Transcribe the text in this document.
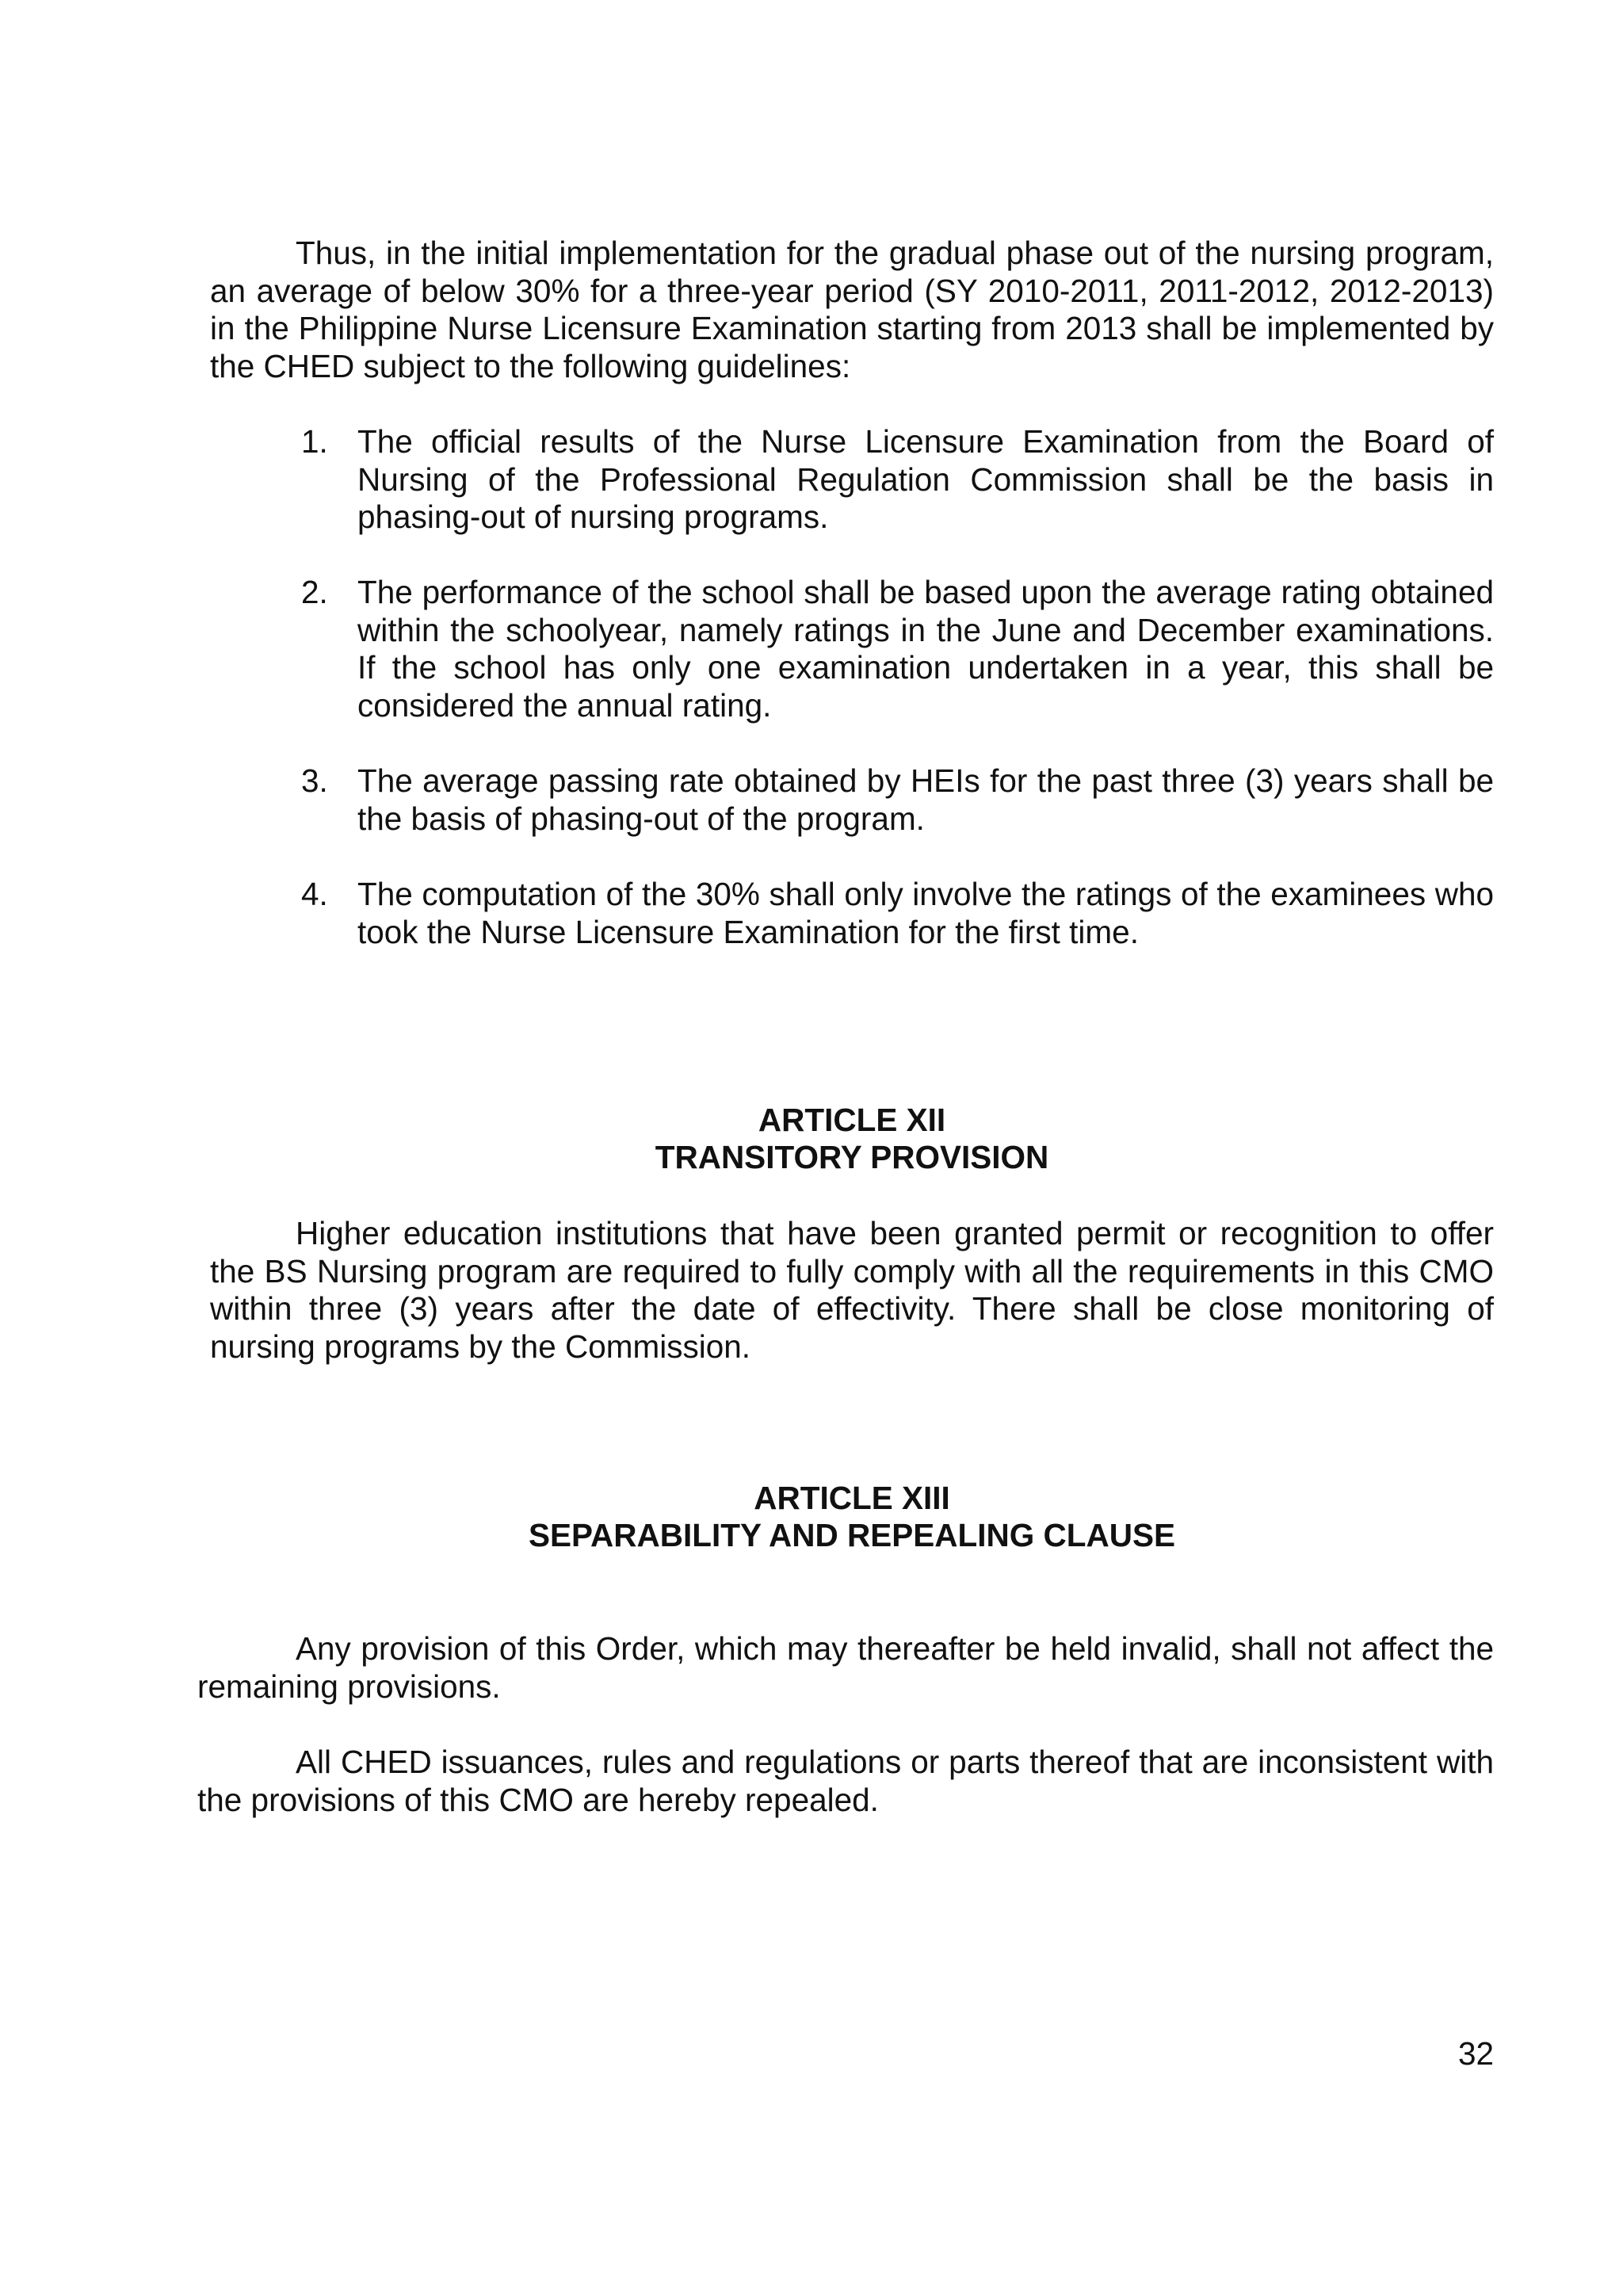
Thus, in the initial implementation for the gradual phase out of the nursing program, an average of below 30% for a three-year period (SY 2010-2011, 2011-2012, 2012-2013) in the Philippine Nurse Licensure Examination starting from 2013 shall be implemented by the CHED subject to the following guidelines:

1. The official results of the Nurse Licensure Examination from the Board of Nursing of the Professional Regulation Commission shall be the basis in phasing-out of nursing programs.
2. The performance of the school shall be based upon the average rating obtained within the schoolyear, namely ratings in the June and December examinations. If the school has only one examination undertaken in a year, this shall be considered the annual rating.
3. The average passing rate obtained by HEIs for the past three (3) years shall be the basis of phasing-out of the program.
4. The computation of the 30% shall only involve the ratings of the examinees who took the Nurse Licensure Examination for the first time.
ARTICLE XII
TRANSITORY PROVISION

Higher education institutions that have been granted permit or recognition to offer the BS Nursing program are required to fully comply with all the requirements in this CMO within three (3) years after the date of effectivity. There shall be close monitoring of nursing programs by the Commission.

ARTICLE XIII
SEPARABILITY AND REPEALING CLAUSE

Any provision of this Order, which may thereafter be held invalid, shall not affect the remaining provisions.

All CHED issuances, rules and regulations or parts thereof that are inconsistent with the provisions of this CMO are hereby repealed.

32
